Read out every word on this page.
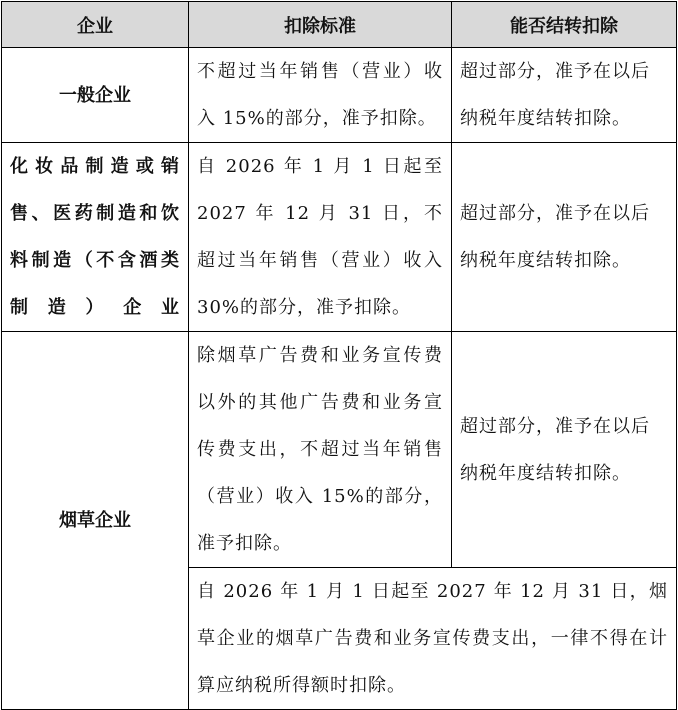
企业	扣除标准	能否结转扣除
一般企业	不超过当年销售（营业）收入 15%的部分，准予扣除。	超过部分，准予在以后纳税年度结转扣除。
化妆品制造或销售、医药制造和饮料制造（不含酒类制造）企业	自 2026 年 1 月 1 日起至 2027 年 12 月 31 日，不超过当年销售（营业）收入 30%的部分，准予扣除。	超过部分，准予在以后纳税年度结转扣除。
烟草企业	除烟草广告费和业务宣传费以外的其他广告费和业务宣传费支出，不超过当年销售（营业）收入 15%的部分，准予扣除。	超过部分，准予在以后纳税年度结转扣除。
	自 2026 年 1 月 1 日起至 2027 年 12 月 31 日，烟草企业的烟草广告费和业务宣传费支出，一律不得在计算应纳税所得额时扣除。	
